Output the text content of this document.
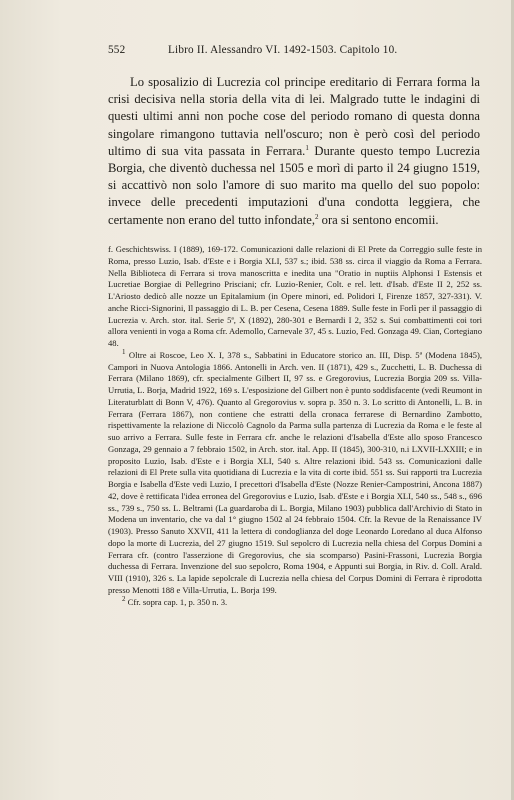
552	Libro II. Alessandro VI. 1492-1503. Capitolo 10.

Lo sposalizio di Lucrezia col principe ereditario di Ferrara forma la crisi decisiva nella storia della vita di lei. Malgrado tutte le indagini di questi ultimi anni non poche cose del periodo romano di questa donna singolare rimangono tuttavia nell'oscuro; non è però così del periodo ultimo di sua vita passata in Ferrara.$^1$ Durante questo tempo Lucrezia Borgia, che diventò duchessa nel 1505 e morì di parto il 24 giugno 1519, si accattivò non solo l'amore di suo marito ma quello del suo popolo: invece delle precedenti imputazioni d'una condotta leggiera, che certamente non erano del tutto infondate,$^2$ ora si sentono encomii.

f. Geschichtswiss. I (1889), 169-172. Comunicazioni dalle relazioni di El Prete da Correggio sulle feste in Roma, presso Luzio, Isab. d'Este e i Borgia XLI, 537 s.; ibid. 538 ss. circa il viaggio da Roma a Ferrara. Nella Biblioteca di Ferrara si trova manoscritta e inedita una "Oratio in nuptiis Alphonsi I Estensis et Lucretiae Borgiae di Pellegrino Prisciani; cfr. Luzio-Renier, Colt. e rel. lett. d'Isab. d'Este II 2, 252 ss. L'Ariosto dedicò alle nozze un Epitalamium (in Opere minori, ed. Polidori I, Firenze 1857, 327-331). V. anche Ricci-Signorini, Il passaggio di L. B. per Cesena, Cesena 1889. Sulle feste in Forlì per il passaggio di Lucrezia v. Arch. stor. ital. Serie 5ª, X (1892), 280-301 e Bernardi I 2, 352 s. Sui combattimenti coi tori allora venienti in voga a Roma cfr. Ademollo, Carnevale 37, 45 s. Luzio, Fed. Gonzaga 49. Cian, Cortegiano 48.

$^1$ Oltre ai Roscoe, Leo X. I, 378 s., Sabbatini in Educatore storico an. III, Disp. 5ª (Modena 1845), Campori in Nuova Antologia 1866. Antonelli in Arch. ven. II (1871), 429 s., Zucchetti, L. B. Duchessa di Ferrara (Milano 1869), cfr. specialmente Gilbert II, 97 ss. e Gregorovius, Lucrezia Borgia 209 ss. Villa-Urrutia, L. Borja, Madrid 1922, 169 s. L'esposizione del Gilbert non è punto soddisfacente (vedi Reumont in Literaturblatt di Bonn V, 476). Quanto al Gregorovius v. sopra p. 350 n. 3. Lo scritto di Antonelli, L. B. in Ferrara (Ferrara 1867), non contiene che estratti della cronaca ferrarese di Bernardino Zambotto, rispettivamente la relazione di Niccolò Cagnolo da Parma sulla partenza di Lucrezia da Roma e le feste al suo arrivo a Ferrara. Sulle feste in Ferrara cfr. anche le relazioni d'Isabella d'Este allo sposo Francesco Gonzaga, 29 gennaio a 7 febbraio 1502, in Arch. stor. ital. App. II (1845), 300-310, n.i LXVII-LXXIII; e in proposito Luzio, Isab. d'Este e i Borgia XLI, 540 s. Altre relazioni ibid. 543 ss. Comunicazioni dalle relazioni di El Prete sulla vita quotidiana di Lucrezia e la vita di corte ibid. 551 ss. Sui rapporti tra Lucrezia Borgia e Isabella d'Este vedi Luzio, I precettori d'Isabella d'Este (Nozze Renier-Campostrini, Ancona 1887) 42, dove è rettificata l'idea erronea del Gregorovius e Luzio, Isab. d'Este e i Borgia XLI, 540 ss., 548 s., 696 ss., 739 s., 750 ss. L. Beltrami (La guardaroba di L. Borgia, Milano 1903) pubblica dall'Archivio di Stato in Modena un inventario, che va dal 1° giugno 1502 al 24 febbraio 1504. Cfr. la Revue de la Renaissance IV (1903). Presso Sanuto XXVII, 411 la lettera di condoglianza del doge Leonardo Loredano al duca Alfonso dopo la morte di Lucrezia, del 27 giugno 1519. Sul sepolcro di Lucrezia nella chiesa del Corpus Domini a Ferrara cfr. (contro l'asserzione di Gregorovius, che sia scomparso) Pasini-Frassoni, Lucrezia Borgia duchessa di Ferrara. Invenzione del suo sepolcro, Roma 1904, e Appunti sui Borgia, in Riv. d. Coll. Arald. VIII (1910), 326 s. La lapide sepolcrale di Lucrezia nella chiesa del Corpus Domini di Ferrara è riprodotta presso Menotti 188 e Villa-Urrutia, L. Borja 199.

$^2$ Cfr. sopra cap. 1, p. 350 n. 3.
